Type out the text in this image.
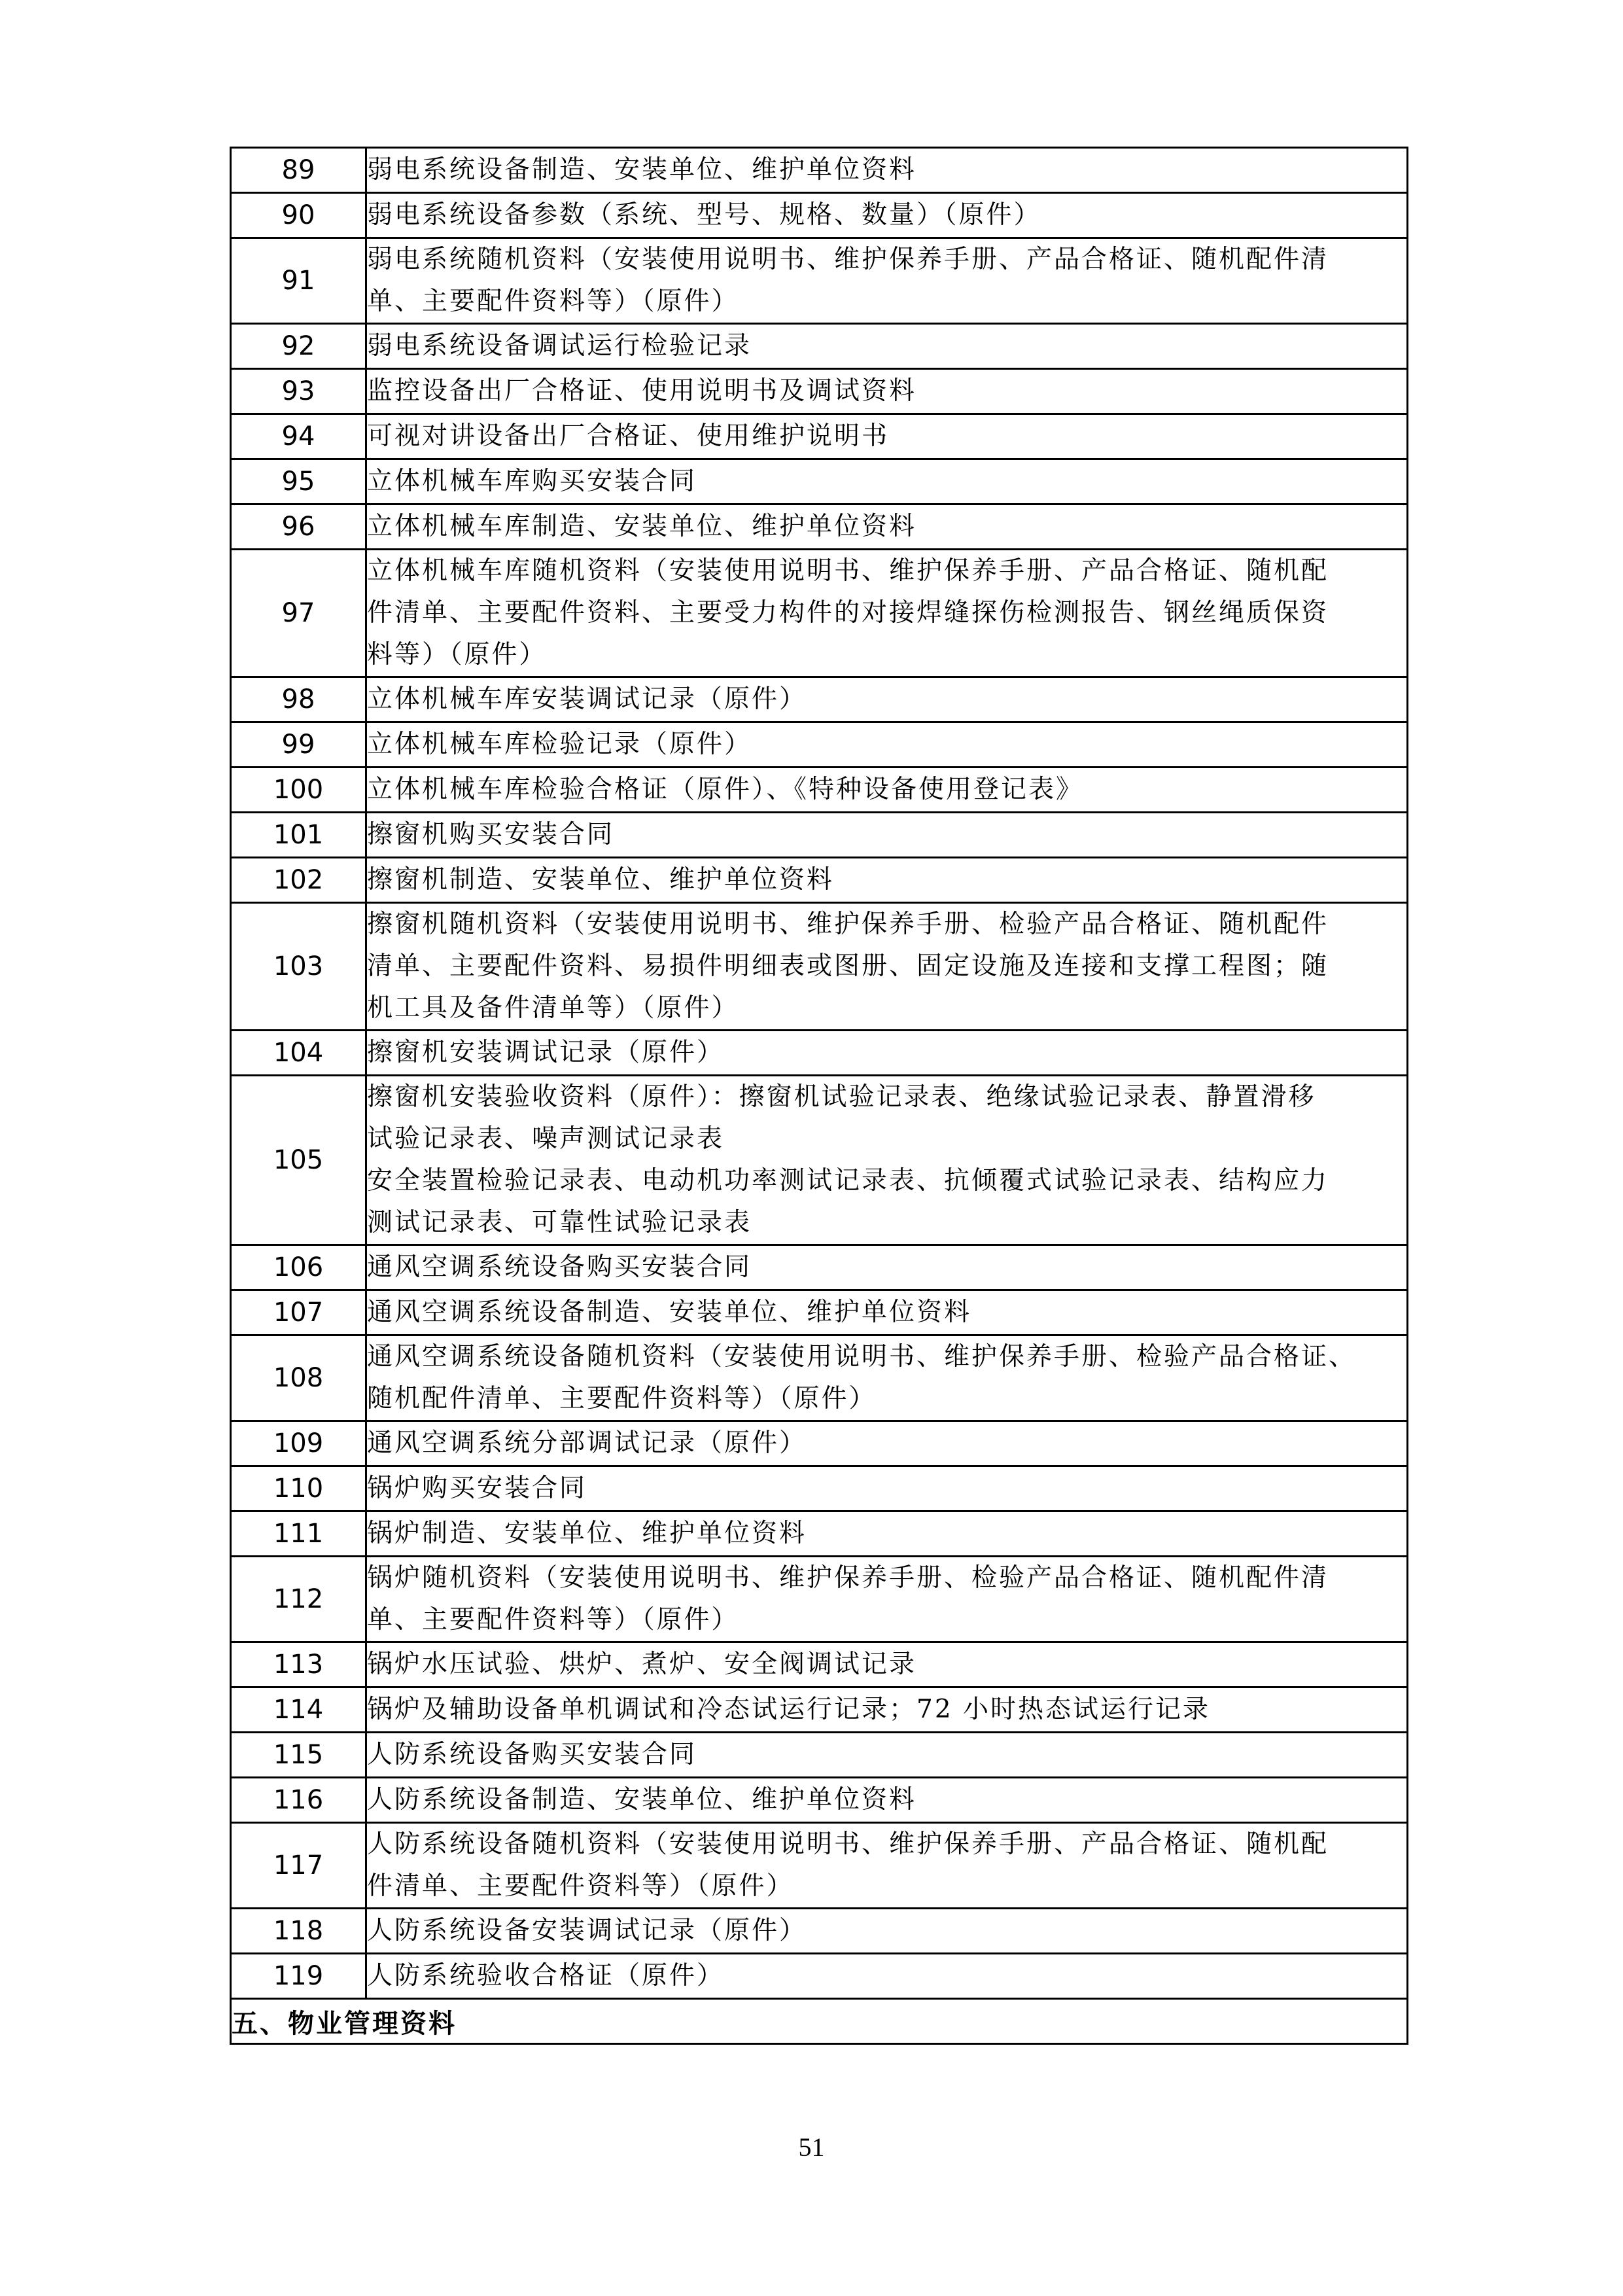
89	弱电系统设备制造、安装单位、维护单位资料

90	弱电系统设备参数（系统、型号、规格、数量）（原件）

91	弱电系统随机资料（安装使用说明书、维护保养手册、产品合格证、随机配件清
单、主要配件资料等）（原件）

92	弱电系统设备调试运行检验记录

93	监控设备出厂合格证、使用说明书及调试资料

94	可视对讲设备出厂合格证、使用维护说明书

95	立体机械车库购买安装合同

96	立体机械车库制造、安装单位、维护单位资料

97	立体机械车库随机资料（安装使用说明书、维护保养手册、产品合格证、随机配
件清单、主要配件资料、主要受力构件的对接焊缝探伤检测报告、钢丝绳质保资
料等）（原件）

98	立体机械车库安装调试记录（原件）

99	立体机械车库检验记录（原件）

100	立体机械车库检验合格证（原件）、《特种设备使用登记表》

101	擦窗机购买安装合同

102	擦窗机制造、安装单位、维护单位资料

103	擦窗机随机资料（安装使用说明书、维护保养手册、检验产品合格证、随机配件
清单、主要配件资料、易损件明细表或图册、固定设施及连接和支撑工程图；随
机工具及备件清单等）（原件）

104	擦窗机安装调试记录（原件）

105	擦窗机安装验收资料（原件）：擦窗机试验记录表、绝缘试验记录表、静置滑移
试验记录表、噪声测试记录表
安全装置检验记录表、电动机功率测试记录表、抗倾覆式试验记录表、结构应力
测试记录表、可靠性试验记录表

106	通风空调系统设备购买安装合同

107	通风空调系统设备制造、安装单位、维护单位资料

108	通风空调系统设备随机资料（安装使用说明书、维护保养手册、检验产品合格证、
随机配件清单、主要配件资料等）（原件）

109	通风空调系统分部调试记录（原件）

110	锅炉购买安装合同

111	锅炉制造、安装单位、维护单位资料

112	锅炉随机资料（安装使用说明书、维护保养手册、检验产品合格证、随机配件清
单、主要配件资料等）（原件）

113	锅炉水压试验、烘炉、煮炉、安全阀调试记录

114	锅炉及辅助设备单机调试和冷态试运行记录；72 小时热态试运行记录

115	人防系统设备购买安装合同

116	人防系统设备制造、安装单位、维护单位资料

117	人防系统设备随机资料（安装使用说明书、维护保养手册、产品合格证、随机配
件清单、主要配件资料等）（原件）

118	人防系统设备安装调试记录（原件）

119	人防系统验收合格证（原件）

五、物业管理资料	
51
